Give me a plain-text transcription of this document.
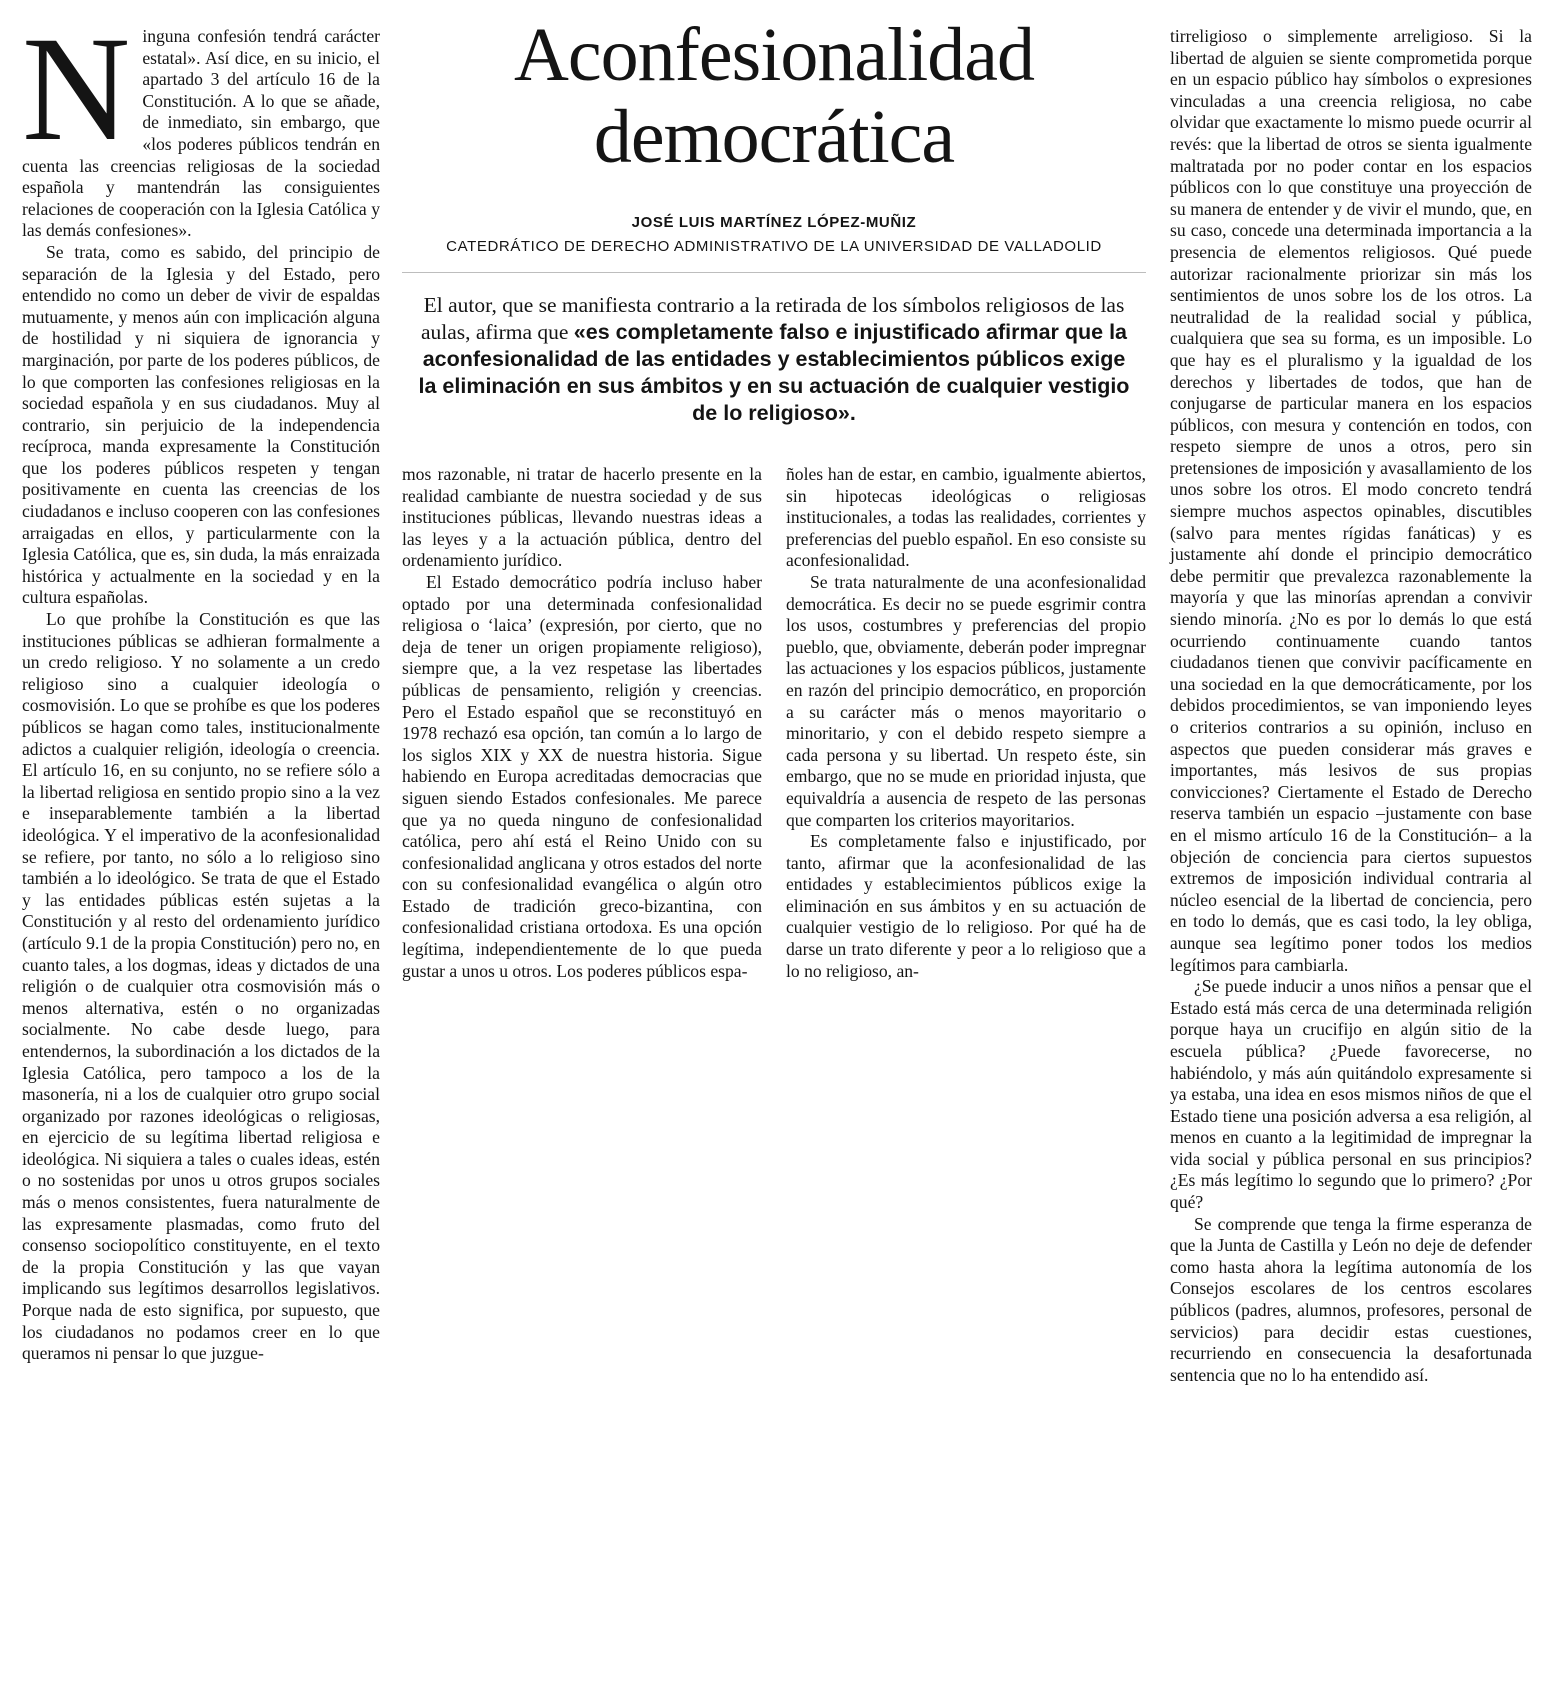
N inguna confesión tendrá carácter estatal». Así dice, en su inicio, el apartado 3 del artículo 16 de la Constitución. A lo que se añade, de inmediato, sin embargo, que «los poderes públicos tendrán en cuenta las creencias religiosas de la sociedad española y mantendrán las consiguientes relaciones de cooperación con la Iglesia Católica y las demás confesiones».

Se trata, como es sabido, del principio de separación de la Iglesia y del Estado, pero entendido no como un deber de vivir de espaldas mutuamente, y menos aún con implicación alguna de hostilidad y ni siquiera de ignorancia y marginación, por parte de los poderes públicos, de lo que comporten las confesiones religiosas en la sociedad española y en sus ciudadanos. Muy al contrario, sin perjuicio de la independencia recíproca, manda expresamente la Constitución que los poderes públicos respeten y tengan positivamente en cuenta las creencias de los ciudadanos e incluso cooperen con las confesiones arraigadas en ellos, y particularmente con la Iglesia Católica, que es, sin duda, la más enraizada histórica y actualmente en la sociedad y en la cultura españolas.

Lo que prohíbe la Constitución es que las instituciones públicas se adhieran formalmente a un credo religioso. Y no solamente a un credo religioso sino a cualquier ideología o cosmovisión. Lo que se prohíbe es que los poderes públicos se hagan como tales, institucionalmente adictos a cualquier religión, ideología o creencia. El artículo 16, en su conjunto, no se refiere sólo a la libertad religiosa en sentido propio sino a la vez e inseparablemente también a la libertad ideológica. Y el imperativo de la aconfesionalidad se refiere, por tanto, no sólo a lo religioso sino también a lo ideológico. Se trata de que el Estado y las entidades públicas estén sujetas a la Constitución y al resto del ordenamiento jurídico (artículo 9.1 de la propia Constitución) pero no, en cuanto tales, a los dogmas, ideas y dictados de una religión o de cualquier otra cosmovisión más o menos alternativa, estén o no organizadas socialmente. No cabe desde luego, para entendernos, la subordinación a los dictados de la Iglesia Católica, pero tampoco a los de la masonería, ni a los de cualquier otro grupo social organizado por razones ideológicas o religiosas, en ejercicio de su legítima libertad religiosa e ideológica. Ni siquiera a tales o cuales ideas, estén o no sostenidas por unos u otros grupos sociales más o menos consistentes, fuera naturalmente de las expresamente plasmadas, como fruto del consenso sociopolítico constituyente, en el texto de la propia Constitución y las que vayan implicando sus legítimos desarrollos legislativos. Porque nada de esto significa, por supuesto, que los ciudadanos no podamos creer en lo que queramos ni pensar lo que juzgue-

Aconfesionalidad democrática
JOSÉ LUIS MARTÍNEZ LÓPEZ-MUÑIZ
CATEDRÁTICO DE DERECHO ADMINISTRATIVO DE LA UNIVERSIDAD DE VALLADOLID

El autor, que se manifiesta contrario a la retirada de los símbolos religiosos de las aulas, afirma que «es completamente falso e injustificado afirmar que la aconfesionalidad de las entidades y establecimientos públicos exige la eliminación en sus ámbitos y en su actuación de cualquier vestigio de lo religioso».

mos razonable, ni tratar de hacerlo presente en la realidad cambiante de nuestra sociedad y de sus instituciones públicas, llevando nuestras ideas a las leyes y a la actuación pública, dentro del ordenamiento jurídico.

El Estado democrático podría incluso haber optado por una determinada confesionalidad religiosa o ‘laica’ (expresión, por cierto, que no deja de tener un origen propiamente religioso), siempre que, a la vez respetase las libertades públicas de pensamiento, religión y creencias. Pero el Estado español que se reconstituyó en 1978 rechazó esa opción, tan común a lo largo de los siglos XIX y XX de nuestra historia. Sigue habiendo en Europa acreditadas democracias que siguen siendo Estados confesionales. Me parece que ya no queda ninguno de confesionalidad católica, pero ahí está el Reino Unido con su confesionalidad anglicana y otros estados del norte con su confesionalidad evangélica o algún otro Estado de tradición greco-bizantina, con confesionalidad cristiana ortodoxa. Es una opción legítima, independientemente de lo que pueda gustar a unos u otros. Los poderes públicos espa-

ñoles han de estar, en cambio, igualmente abiertos, sin hipotecas ideológicas o religiosas institucionales, a todas las realidades, corrientes y preferencias del pueblo español. En eso consiste su aconfesionalidad.

Se trata naturalmente de una aconfesionalidad democrática. Es decir no se puede esgrimir contra los usos, costumbres y preferencias del propio pueblo, que, obviamente, deberán poder impregnar las actuaciones y los espacios públicos, justamente en razón del principio democrático, en proporción a su carácter más o menos mayoritario o minoritario, y con el debido respeto siempre a cada persona y su libertad. Un respeto éste, sin embargo, que no se mude en prioridad injusta, que equivaldría a ausencia de respeto de las personas que comparten los criterios mayoritarios.

Es completamente falso e injustificado, por tanto, afirmar que la aconfesionalidad de las entidades y establecimientos públicos exige la eliminación en sus ámbitos y en su actuación de cualquier vestigio de lo religioso. Por qué ha de darse un trato diferente y peor a lo religioso que a lo no religioso, an-

tirreligioso o simplemente arreligioso. Si la libertad de alguien se siente comprometida porque en un espacio público hay símbolos o expresiones vinculadas a una creencia religiosa, no cabe olvidar que exactamente lo mismo puede ocurrir al revés: que la libertad de otros se sienta igualmente maltratada por no poder contar en los espacios públicos con lo que constituye una proyección de su manera de entender y de vivir el mundo, que, en su caso, concede una determinada importancia a la presencia de elementos religiosos. Qué puede autorizar racionalmente priorizar sin más los sentimientos de unos sobre los de los otros. La neutralidad de la realidad social y pública, cualquiera que sea su forma, es un imposible. Lo que hay es el pluralismo y la igualdad de los derechos y libertades de todos, que han de conjugarse de particular manera en los espacios públicos, con mesura y contención en todos, con respeto siempre de unos a otros, pero sin pretensiones de imposición y avasallamiento de los unos sobre los otros. El modo concreto tendrá siempre muchos aspectos opinables, discutibles (salvo para mentes rígidas fanáticas) y es justamente ahí donde el principio democrático debe permitir que prevalezca razonablemente la mayoría y que las minorías aprendan a convivir siendo minoría. ¿No es por lo demás lo que está ocurriendo continuamente cuando tantos ciudadanos tienen que convivir pacíficamente en una sociedad en la que democráticamente, por los debidos procedimientos, se van imponiendo leyes o criterios contrarios a su opinión, incluso en aspectos que pueden considerar más graves e importantes, más lesivos de sus propias convicciones? Ciertamente el Estado de Derecho reserva también un espacio –justamente con base en el mismo artículo 16 de la Constitución– a la objeción de conciencia para ciertos supuestos extremos de imposición individual contraria al núcleo esencial de la libertad de conciencia, pero en todo lo demás, que es casi todo, la ley obliga, aunque sea legítimo poner todos los medios legítimos para cambiarla.

¿Se puede inducir a unos niños a pensar que el Estado está más cerca de una determinada religión porque haya un crucifijo en algún sitio de la escuela pública? ¿Puede favorecerse, no habiéndolo, y más aún quitándolo expresamente si ya estaba, una idea en esos mismos niños de que el Estado tiene una posición adversa a esa religión, al menos en cuanto a la legitimidad de impregnar la vida social y pública personal en sus principios? ¿Es más legítimo lo segundo que lo primero? ¿Por qué?

Se comprende que tenga la firme esperanza de que la Junta de Castilla y León no deje de defender como hasta ahora la legítima autonomía de los Consejos escolares de los centros escolares públicos (padres, alumnos, profesores, personal de servicios) para decidir estas cuestiones, recurriendo en consecuencia la desafortunada sentencia que no lo ha entendido así.
